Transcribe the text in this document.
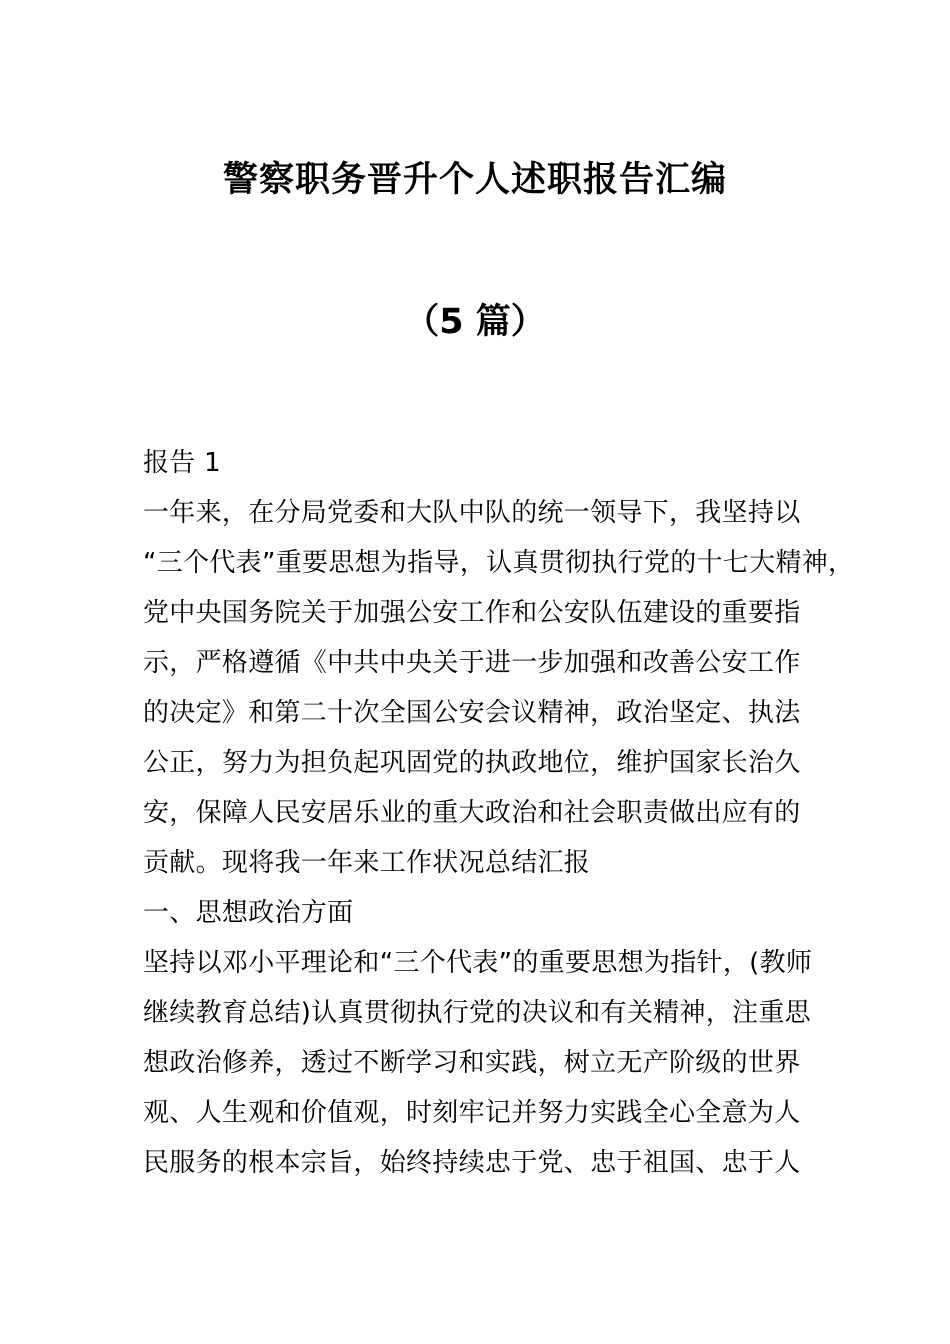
警察职务晋升个人述职报告汇编
（5 篇）

报告 1

一年来，在分局党委和大队中队的统一领导下，我坚持以

“三个代表”重要思想为指导，认真贯彻执行党的十七大精神，

党中央国务院关于加强公安工作和公安队伍建设的重要指

示，严格遵循《中共中央关于进一步加强和改善公安工作

的决定》和第二十次全国公安会议精神，政治坚定、执法

公正，努力为担负起巩固党的执政地位，维护国家长治久

安，保障人民安居乐业的重大政治和社会职责做出应有的

贡献。现将我一年来工作状况总结汇报

一、思想政治方面

坚持以邓小平理论和“三个代表”的重要思想为指针，(教师

继续教育总结)认真贯彻执行党的决议和有关精神，注重思

想政治修养，透过不断学习和实践，树立无产阶级的世界

观、人生观和价值观，时刻牢记并努力实践全心全意为人

民服务的根本宗旨，始终持续忠于党、忠于祖国、忠于人
